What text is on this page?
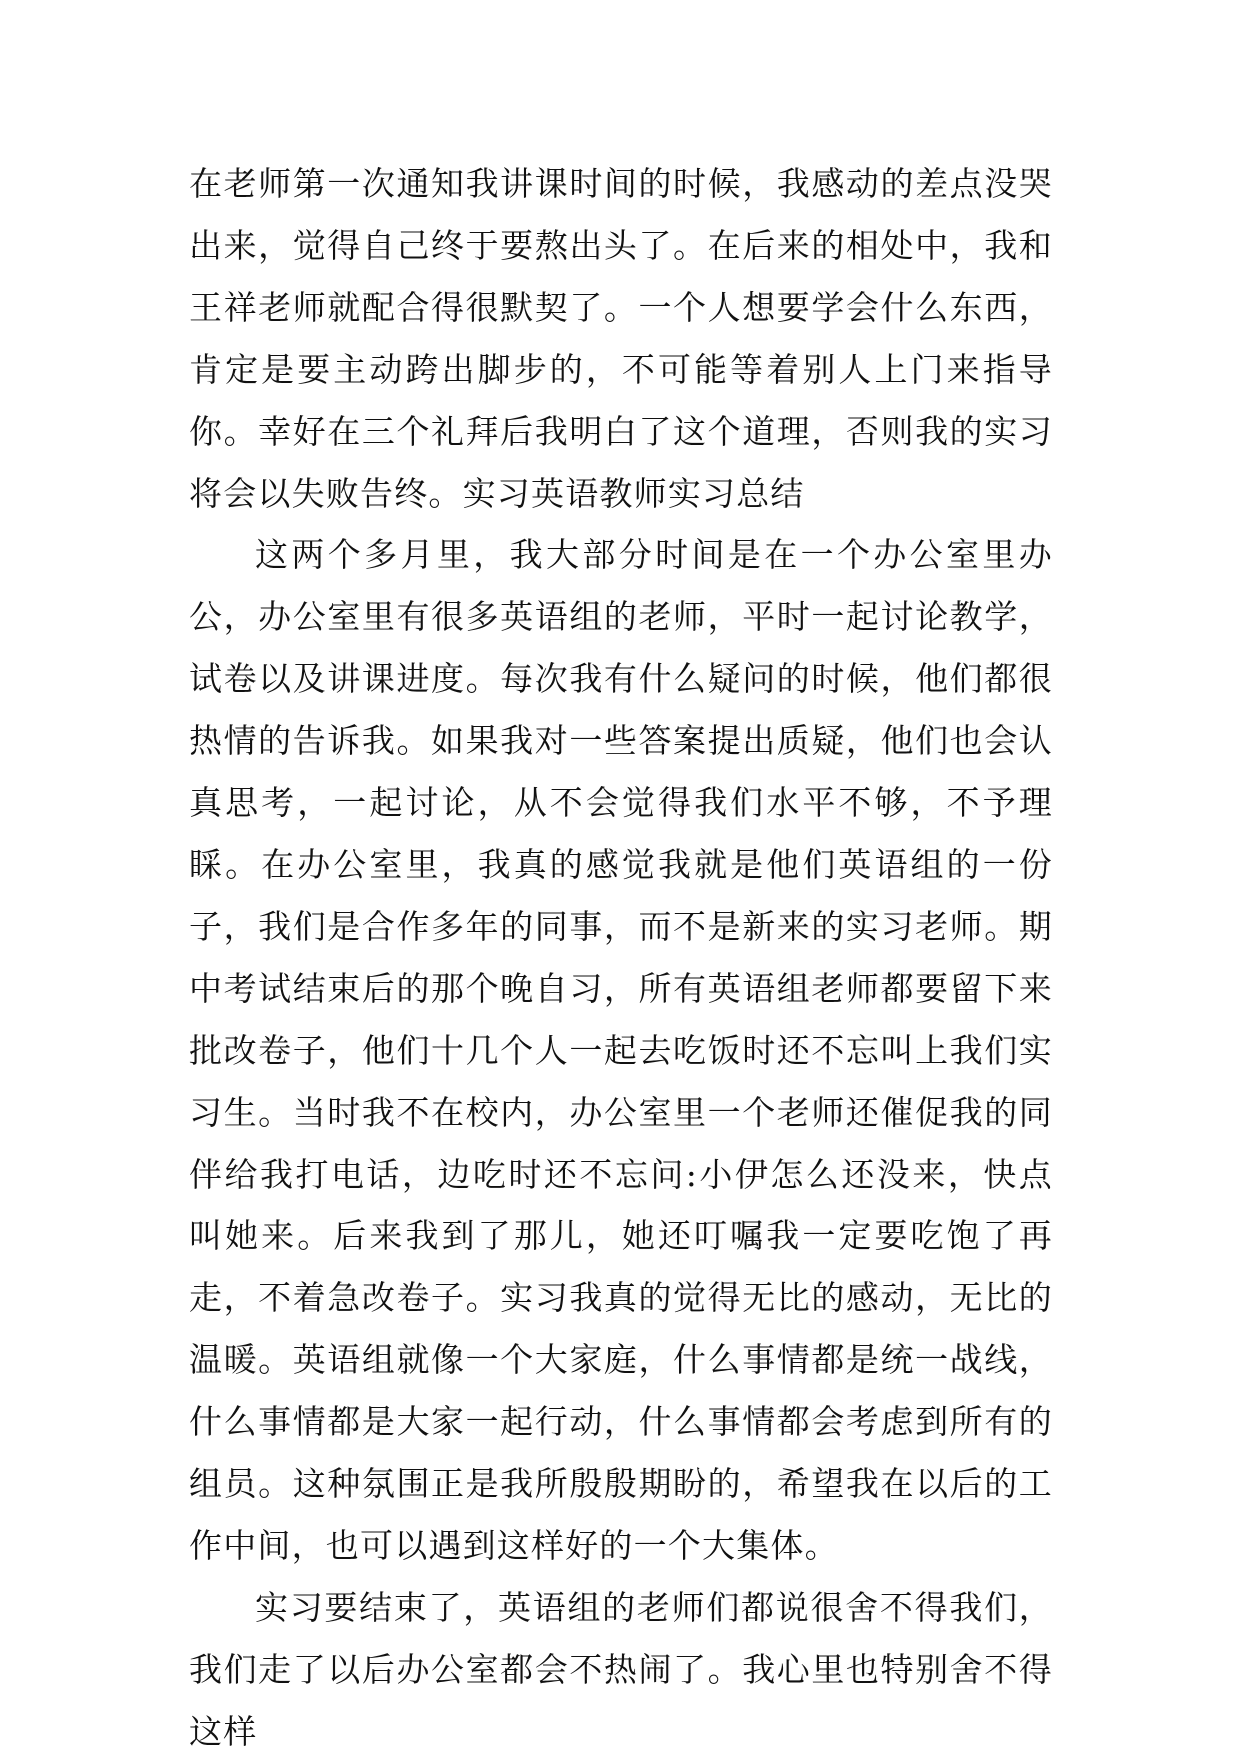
在老师第一次通知我讲课时间的时候，我感动的差点没哭出来，觉得自己终于要熬出头了。在后来的相处中，我和王祥老师就配合得很默契了。一个人想要学会什么东西，肯定是要主动跨出脚步的，不可能等着别人上门来指导你。幸好在三个礼拜后我明白了这个道理，否则我的实习将会以失败告终。实习英语教师实习总结

这两个多月里，我大部分时间是在一个办公室里办公，办公室里有很多英语组的老师，平时一起讨论教学，试卷以及讲课进度。每次我有什么疑问的时候，他们都很热情的告诉我。如果我对一些答案提出质疑，他们也会认真思考，一起讨论，从不会觉得我们水平不够，不予理睬。在办公室里，我真的感觉我就是他们英语组的一份子，我们是合作多年的同事，而不是新来的实习老师。期中考试结束后的那个晚自习，所有英语组老师都要留下来批改卷子，他们十几个人一起去吃饭时还不忘叫上我们实习生。当时我不在校内，办公室里一个老师还催促我的同伴给我打电话，边吃时还不忘问:小伊怎么还没来，快点叫她来。后来我到了那儿，她还叮嘱我一定要吃饱了再走，不着急改卷子。实习我真的觉得无比的感动，无比的温暖。英语组就像一个大家庭，什么事情都是统一战线，什么事情都是大家一起行动，什么事情都会考虑到所有的组员。这种氛围正是我所殷殷期盼的，希望我在以后的工作中间，也可以遇到这样好的一个大集体。

实习要结束了，英语组的老师们都说很舍不得我们，我们走了以后办公室都会不热闹了。我心里也特别舍不得这样
